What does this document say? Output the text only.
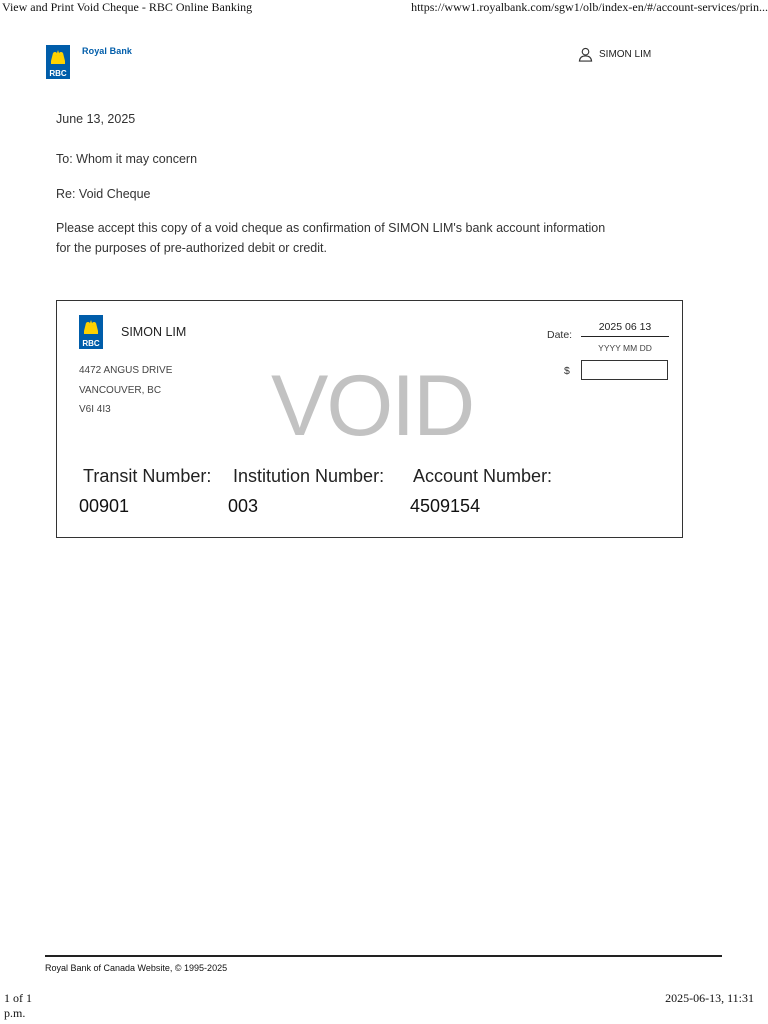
View and Print Void Cheque - RBC Online Banking	https://www1.royalbank.com/sgw1/olb/index-en/#/account-services/prin...
RBC
Royal Bank	SIMON LIM
June 13, 2025
To: Whom it may concern
Re: Void Cheque
Please accept this copy of a void cheque as confirmation of SIMON LIM's bank account information
for the purposes of pre-authorized debit or credit.
RBC
SIMON LIM
4472 ANGUS DRIVE
VANCOUVER, BC
V6I 4I3
Date:
2025 06 13
YYYY MM DD
$
VOID
Transit Number: Institution Number: Account Number:
00901	003	4509154
Royal Bank of Canada Website, © 1995-2025
1 of 1
p.m.
2025-06-13, 11:31
